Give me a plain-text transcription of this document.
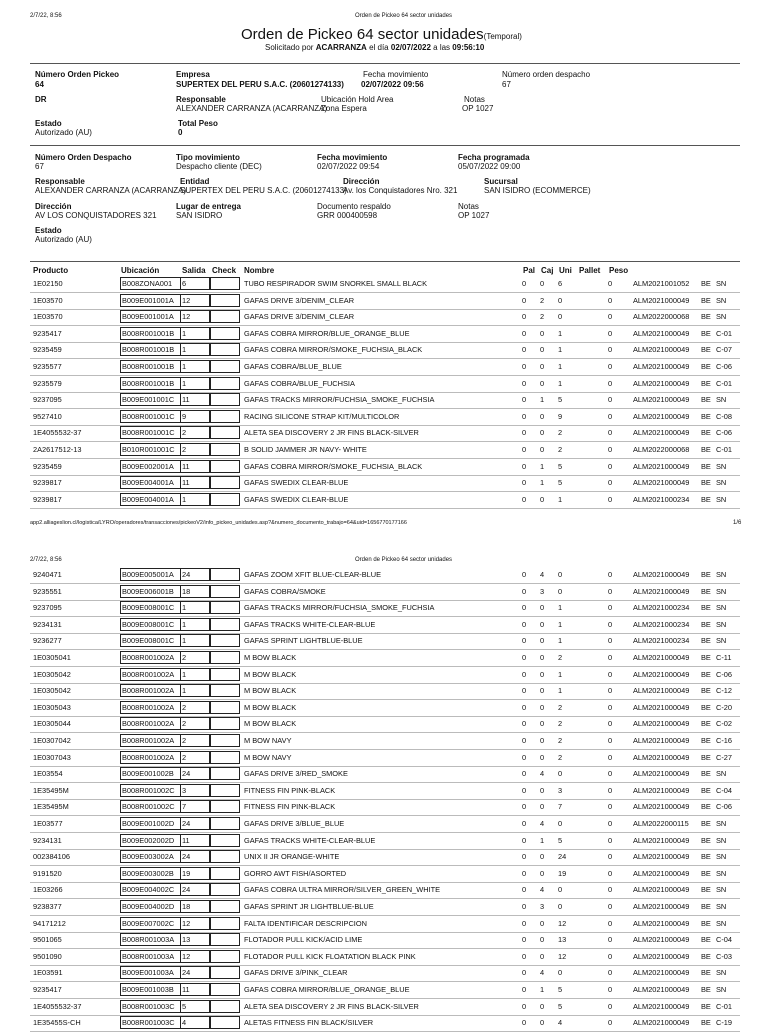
2/7/22, 8:56	Orden de Pickeo 64 sector unidades
Orden de Pickeo 64 sector unidades(Temporal)
Solicitado por ACARRANZA el día 02/07/2022 a las 09:56:10
Número Orden Pickeo
64
Empresa
SUPERTEX DEL PERU S.A.C. (20601274133)
Fecha movimiento
02/07/2022 09:56
Número orden despacho
67
DR	Responsable
ALEXANDER CARRANZA (ACARRANZA)
Ubicación Hold Area
Zona Espera
Notas
OP 1027
Estado
Autorizado (AU)
Total Peso
0
Número Orden Despacho
67
Tipo movimiento
Despacho cliente (DEC)
Fecha movimiento
02/07/2022 09:54
Fecha programada
05/07/2022 09:00
Responsable
ALEXANDER CARRANZA (ACARRANZA)
Entidad
SUPERTEX DEL PERU S.A.C. (20601274133)
Dirección
Av. los Conquistadores Nro. 321
Sucursal
SAN ISIDRO (ECOMMERCE)
Dirección
AV LOS CONQUISTADORES 321
Lugar de entrega
SAN ISIDRO
Documento respaldo
GRR 000400598
Notas
OP 1027
Estado
Autorizado (AU)
Producto	Ubicación	Salida Check Nombre	Pal Caj Uni Pallet Peso
1E02150	B008ZONA001 6	TUBO RESPIRADOR SWIM SNORKEL SMALL BLACK	0 0 6	0	ALM2021001052 BE SN
1E03570	B009E001001A 12	GAFAS DRIVE 3/DENIM_CLEAR	0 2 0	0	ALM2021000049 BE SN
1E03570	B009E001001A 12	GAFAS DRIVE 3/DENIM_CLEAR	0 2 0	0	ALM2022000068 BE SN
9235417	B008R001001B 1	GAFAS COBRA MIRROR/BLUE_ORANGE_BLUE	0 0 1	0	ALM2021000049 BE C-01
9235459	B008R001001B 1	GAFAS COBRA MIRROR/SMOKE_FUCHSIA_BLACK	0 0 1	0	ALM2021000049 BE C-07
9235577	B008R001001B 1	GAFAS COBRA/BLUE_BLUE	0 0 1	0	ALM2021000049 BE C-06
9235579	B008R001001B 1	GAFAS COBRA/BLUE_FUCHSIA	0 0 1	0	ALM2021000049 BE C-01
9237095	B009E001001C 11	GAFAS TRACKS MIRROR/FUCHSIA_SMOKE_FUCHSIA	0 1 5	0	ALM2021000049 BE SN
9527410	B008R001001C 9	RACING SILICONE STRAP KIT/MULTICOLOR	0 0 9	0	ALM2021000049 BE C-08
1E4055532-37	B008R001001C 2	ALETA SEA DISCOVERY 2 JR FINS BLACK-SILVER	0 0 2	0	ALM2021000049 BE C-06
2A2617512-13	B010R001001C 2	B SOLID JAMMER JR NAVY- WHITE	0 0 2	0	ALM2022000068 BE C-01
9235459	B009E002001A 11	GAFAS COBRA MIRROR/SMOKE_FUCHSIA_BLACK	0 1 5	0	ALM2021000049 BE SN
9239817	B009E004001A 11	GAFAS SWEDIX CLEAR-BLUE	0 1 5	0	ALM2021000049 BE SN
9239817	B009E004001A 1	GAFAS SWEDIX CLEAR-BLUE	0 0 1	0	ALM2021000234 BE SN
app2.alliageslion.cl/logistica/LYRO/operadores/transacciones/pickeoV2/info_pickeo_unidades.asp?&numero_documento_trabajo=64&uid=1656770177166	1/6
2/7/22, 8:56	Orden de Pickeo 64 sector unidades
9240471	B009E005001A 24	GAFAS ZOOM XFIT BLUE-CLEAR-BLUE	0 4 0	0	ALM2021000049 BE SN
9235551	B009E006001B 18	GAFAS COBRA/SMOKE	0 3 0	0	ALM2021000049 BE SN
9237095	B009E008001C 1	GAFAS TRACKS MIRROR/FUCHSIA_SMOKE_FUCHSIA	0 0 1	0	ALM2021000234 BE SN
9234131	B009E008001C 1	GAFAS TRACKS WHITE-CLEAR-BLUE	0 0 1	0	ALM2021000234 BE SN
9236277	B009E008001C 1	GAFAS SPRINT LIGHTBLUE-BLUE	0 0 1	0	ALM2021000234 BE SN
1E0305041	B008R001002A 2	M BOW BLACK	0 0 2	0	ALM2021000049 BE C-11
1E0305042	B008R001002A 1	M BOW BLACK	0 0 1	0	ALM2021000049 BE C-06
1E0305042	B008R001002A 1	M BOW BLACK	0 0 1	0	ALM2021000049 BE C-12
1E0305043	B008R001002A 2	M BOW BLACK	0 0 2	0	ALM2021000049 BE C-20
1E0305044	B008R001002A 2	M BOW BLACK	0 0 2	0	ALM2021000049 BE C-02
1E0307042	B008R001002A 2	M BOW NAVY	0 0 2	0	ALM2021000049 BE C-16
1E0307043	B008R001002A 2	M BOW NAVY	0 0 2	0	ALM2021000049 BE C-27
1E03554	B009E001002B 24	GAFAS DRIVE 3/RED_SMOKE	0 4 0	0	ALM2021000049 BE SN
1E35495M	B008R001002C 3	FITNESS FIN PINK-BLACK	0 0 3	0	ALM2021000049 BE C-04
1E35495M	B008R001002C 7	FITNESS FIN PINK-BLACK	0 0 7	0	ALM2021000049 BE C-06
1E03577	B009E001002D 24	GAFAS DRIVE 3/BLUE_BLUE	0 4 0	0	ALM2022000115 BE SN
9234131	B009E002002D 11	GAFAS TRACKS WHITE-CLEAR-BLUE	0 1 5	0	ALM2021000049 BE SN
002384106	B009E003002A 24	UNIX II JR ORANGE-WHITE	0 0 24	0	ALM2021000049 BE SN
9191520	B009E003002B 19	GORRO AWT FISH/ASORTED	0 0 19	0	ALM2021000049 BE SN
1E03266	B009E004002C 24	GAFAS COBRA ULTRA MIRROR/SILVER_GREEN_WHITE	0 4 0	0	ALM2021000049 BE SN
9238377	B009E004002D 18	GAFAS SPRINT JR LIGHTBLUE-BLUE	0 3 0	0	ALM2021000049 BE SN
94171212	B009E007002C 12	FALTA IDENTIFICAR DESCRIPCION	0 0 12	0	ALM2021000049 BE SN
9501065	B008R001003A 13	FLOTADOR PULL KICK/ACID LIME	0 0 13	0	ALM2021000049 BE C-04
9501090	B008R001003A 12	FLOTADOR PULL KICK FLOATATION BLACK PINK	0 0 12	0	ALM2021000049 BE C-03
1E03591	B009E001003A 24	GAFAS DRIVE 3/PINK_CLEAR	0 4 0	0	ALM2021000049 BE SN
9235417	B009E001003B 11	GAFAS COBRA MIRROR/BLUE_ORANGE_BLUE	0 1 5	0	ALM2021000049 BE SN
1E4055532-37	B008R001003C 5	ALETA SEA DISCOVERY 2 JR FINS BLACK-SILVER	0 0 5	0	ALM2021000049 BE C-01
1E35455S-CH	B008R001003C 4	ALETAS FITNESS FIN BLACK/SILVER	0 0 4	0	ALM2021000049 BE C-19
